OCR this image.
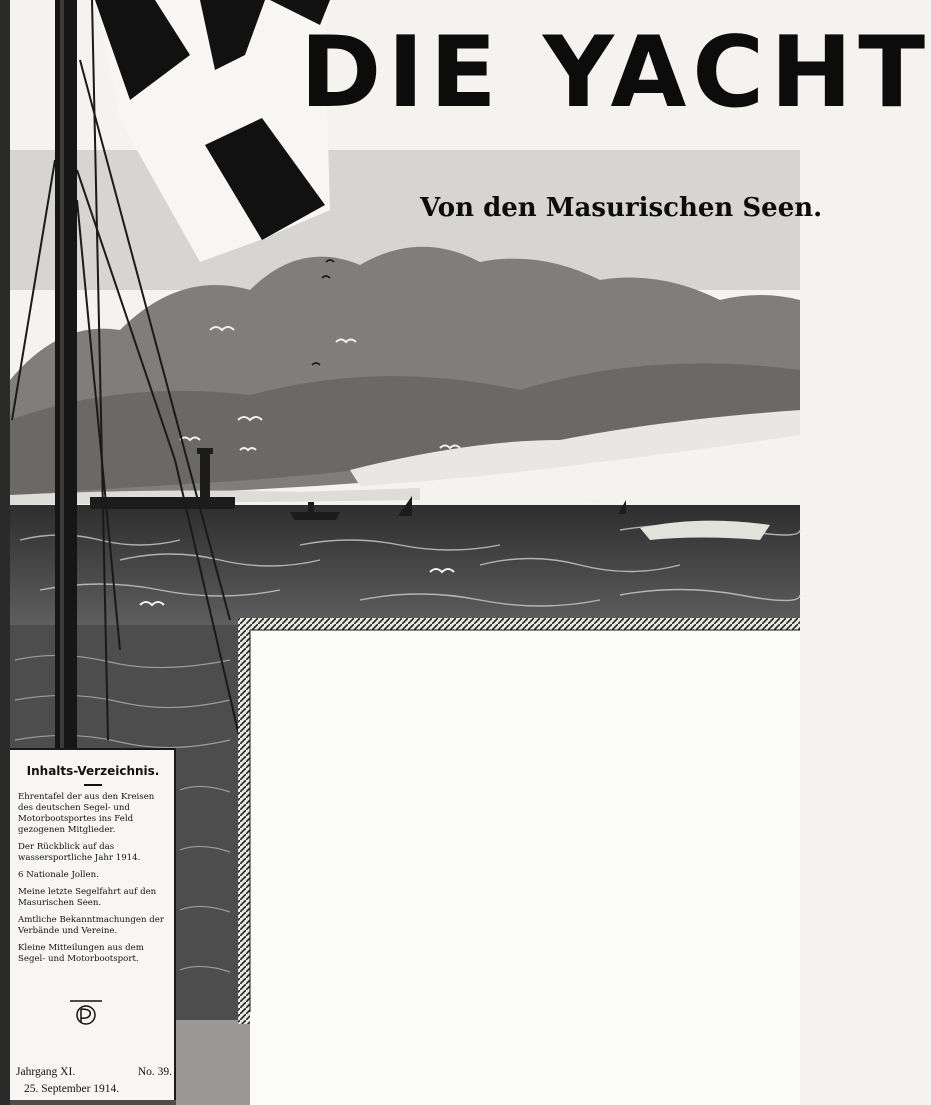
DIE YACHT
Von den Masurischen Seen.

Inhalts-Verzeichnis.

Ehrentafel der aus den Kreisen des deutschen Segel- und Motorbootsportes ins Feld gezogenen Mitglieder.
Der Rückblick auf das wassersportliche Jahr 1914.
6 Nationale Jollen.
Meine letzte Segelfahrt auf den Masurischen Seen.
Amtliche Bekanntmachungen der Verbände und Vereine.
Kleine Mitteilungen aus dem Segel- und Motorbootsport.
Jahrgang XI.	No. 39.
25. September 1914.
